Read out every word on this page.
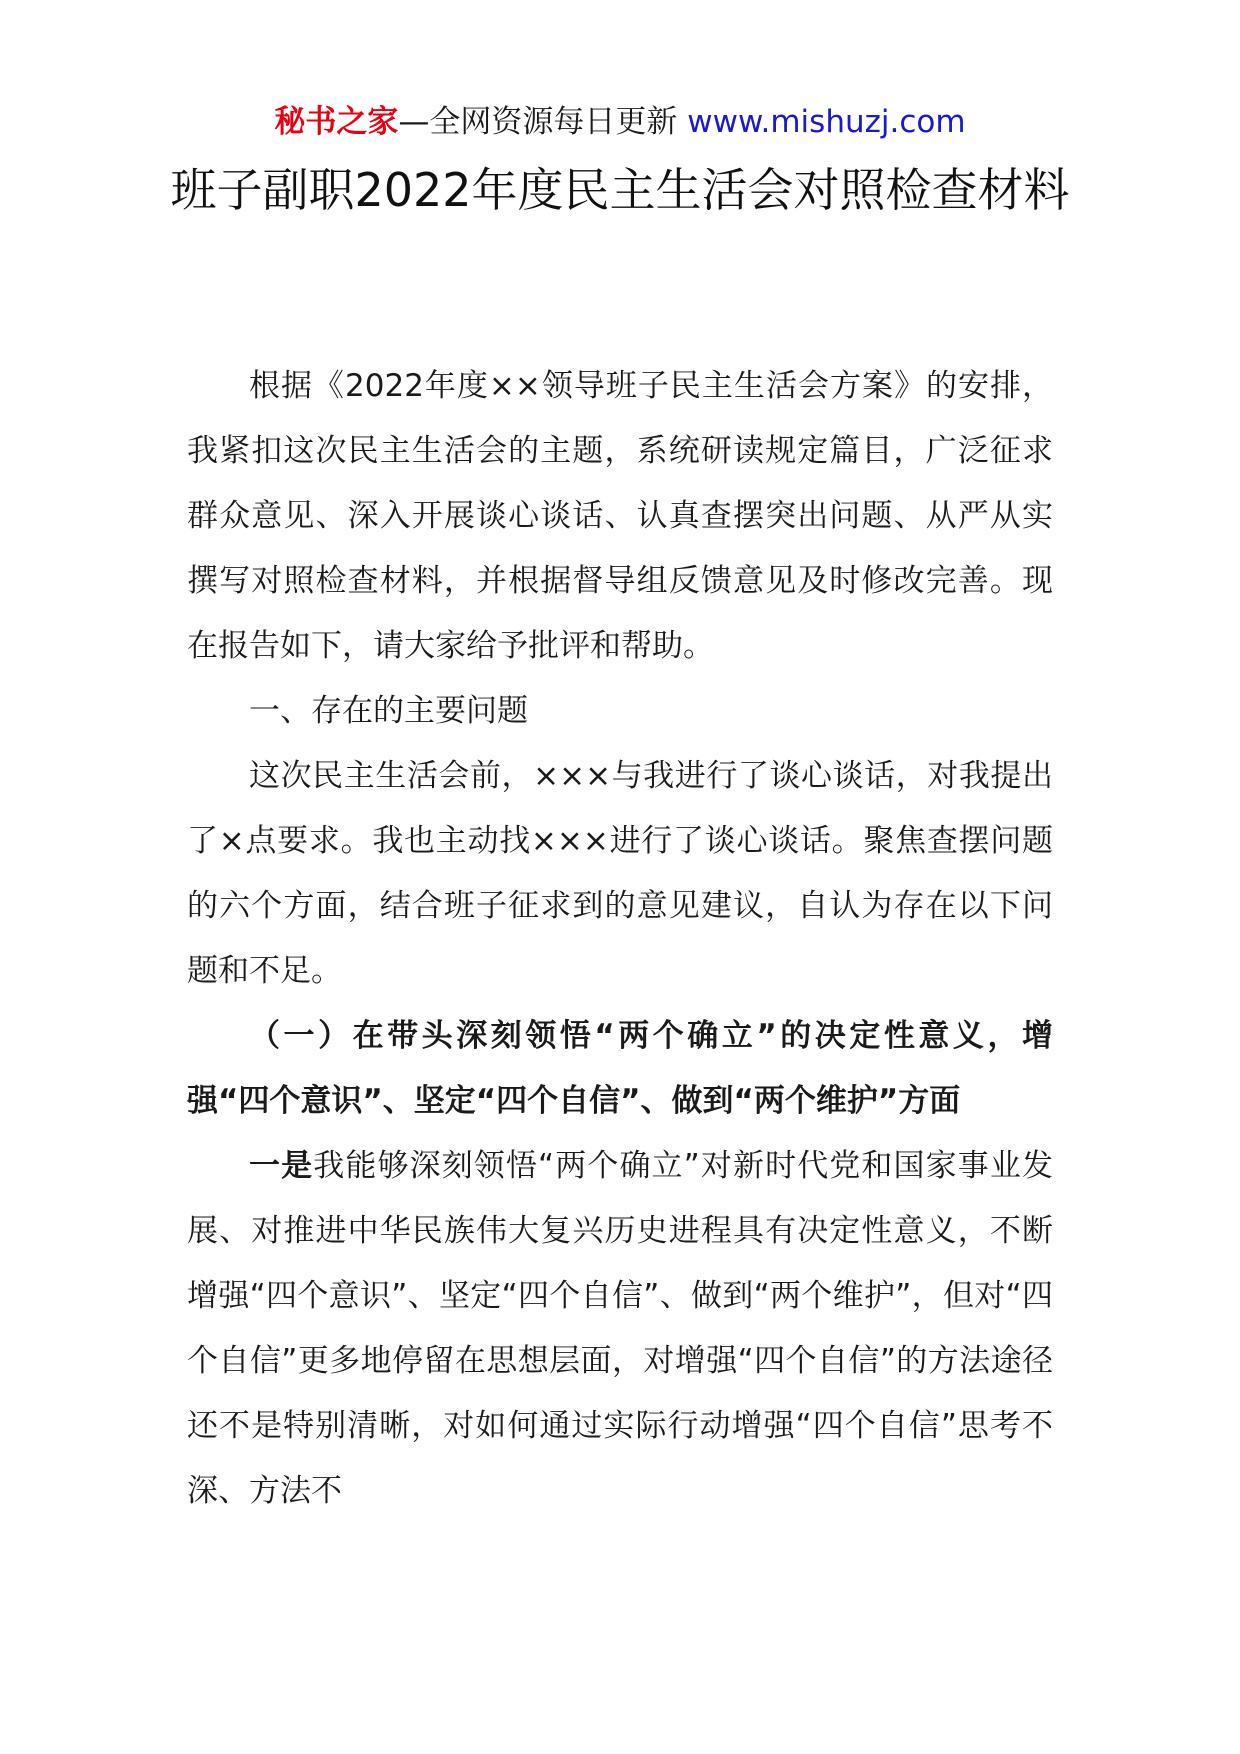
秘书之家—全网资源每日更新 www.mishuzj.com
班子副职2022年度民主生活会对照检查材料

根据《2022年度××领导班子民主生活会方案》的安排，我紧扣这次民主生活会的主题，系统研读规定篇目，广泛征求群众意见、深入开展谈心谈话、认真查摆突出问题、从严从实撰写对照检查材料，并根据督导组反馈意见及时修改完善。现在报告如下，请大家给予批评和帮助。

一、存在的主要问题

这次民主生活会前，×××与我进行了谈心谈话，对我提出了×点要求。我也主动找×××进行了谈心谈话。聚焦查摆问题的六个方面，结合班子征求到的意见建议，自认为存在以下问题和不足。

（一）在带头深刻领悟“两个确立”的决定性意义，增强“四个意识”、坚定“四个自信”、做到“两个维护”方面

一是我能够深刻领悟“两个确立”对新时代党和国家事业发展、对推进中华民族伟大复兴历史进程具有决定性意义，不断增强“四个意识”、坚定“四个自信”、做到“两个维护”，但对“四个自信”更多地停留在思想层面，对增强“四个自信”的方法途径还不是特别清晰，对如何通过实际行动增强“四个自信”思考不深、方法不
